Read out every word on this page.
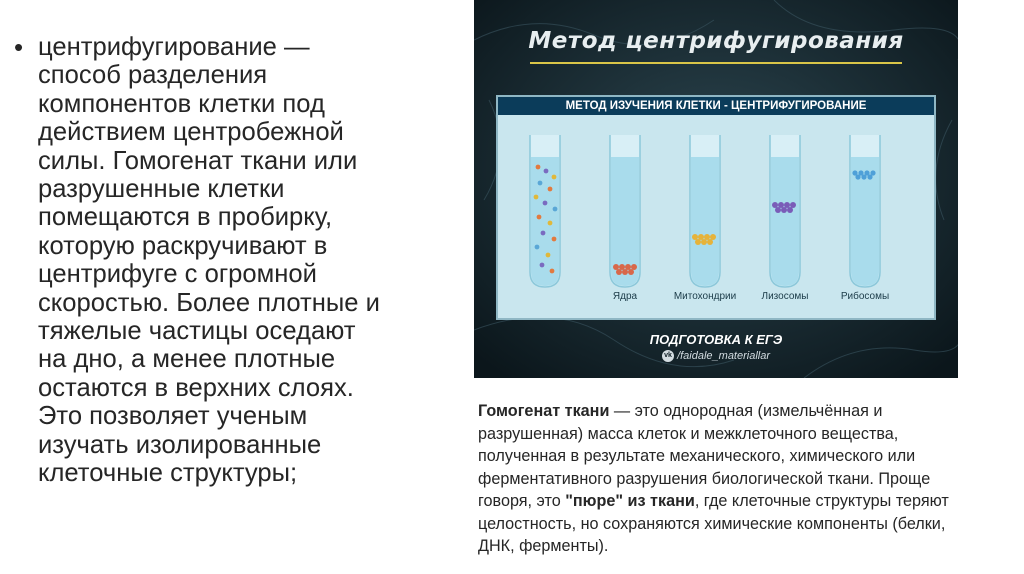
• центрифугирование — способ разделения компонентов клетки под действием центробежной силы. Гомогенат ткани или разрушенные клетки помещаются в пробирку, которую раскручивают в центрифуге с огромной скоростью. Более плотные и тяжелые частицы оседают на дно, а менее плотные остаются в верхних слоях. Это позволяет ученым изучать изолированные клеточные структуры;
Метод центрифугирования
МЕТОД ИЗУЧЕНИЯ КЛЕТКИ - ЦЕНТРИФУГИРОВАНИЕ
Ядра	Митохондрии	Лизосомы	Рибосомы
ПОДГОТОВКА К ЕГЭ
vk /faidale_materiallar
Гомогенат ткани — это однородная (измельчённая и разрушенная) масса клеток и межклеточного вещества, полученная в результате механического, химического или ферментативного разрушения биологической ткани. Проще говоря, это "пюре" из ткани, где клеточные структуры теряют целостность, но сохраняются химические компоненты (белки, ДНК, ферменты).
